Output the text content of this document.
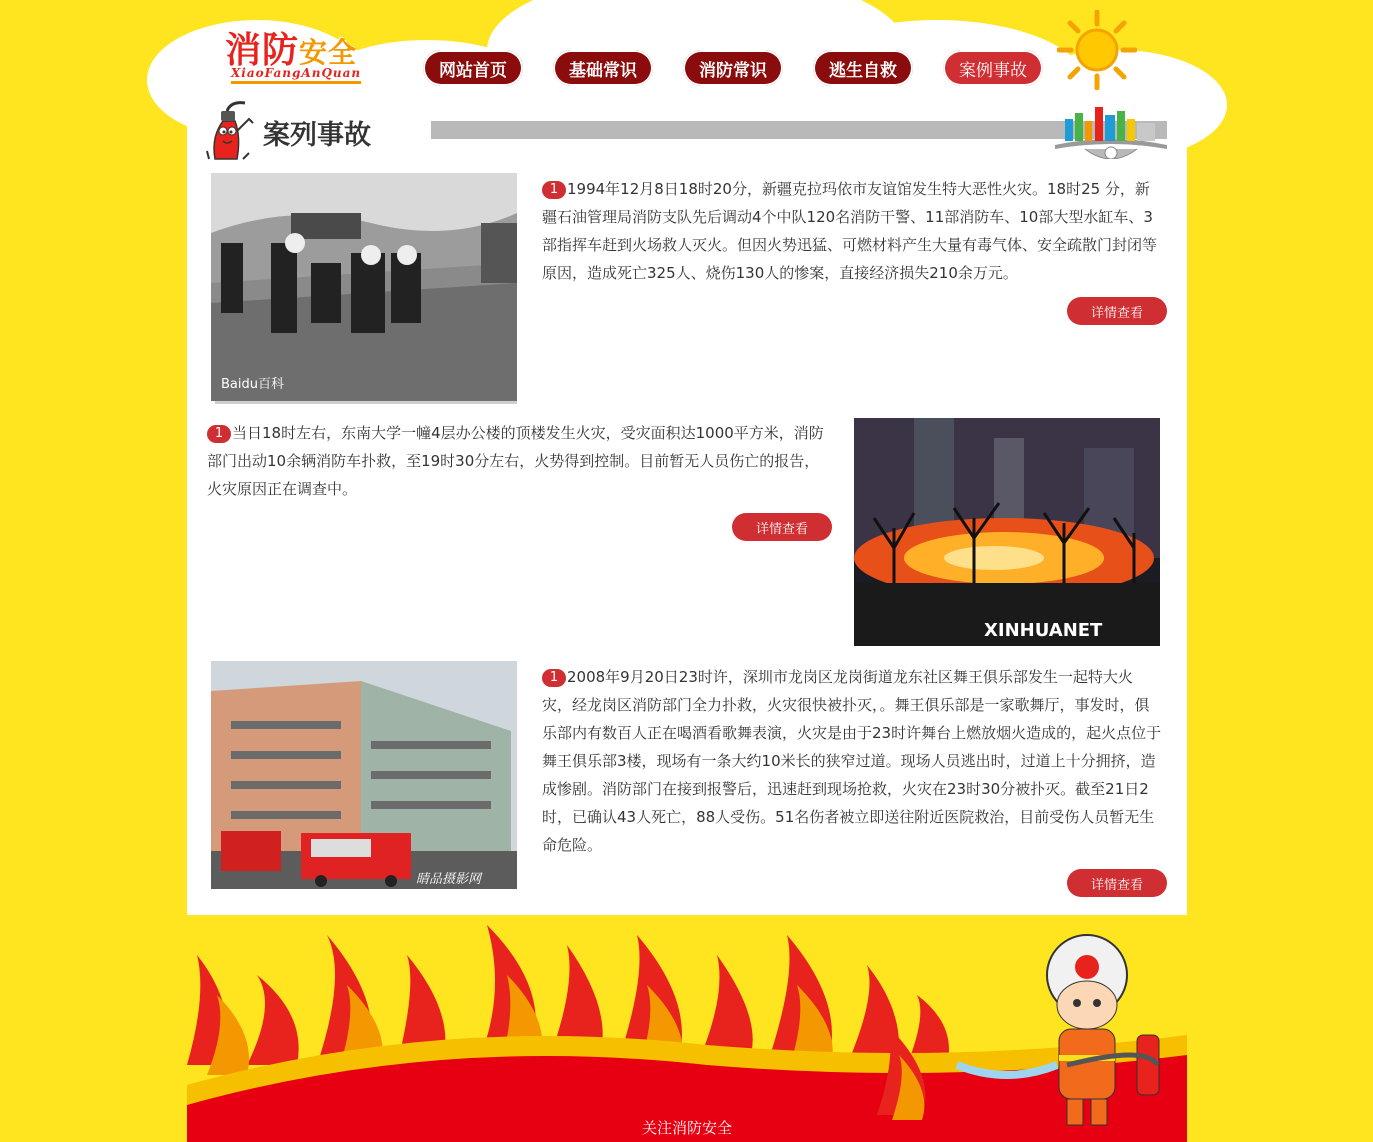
消防安全
XiaoFangAnQuan	网站首页	基础常识	消防常识	逃生自救	案例事故
案列事故
Baidu百科
1 1994年12月8日18时20分，新疆克拉玛依市友谊馆发生特大恶性火灾。18时25 分，新疆石油管理局消防支队先后调动4个中队120名消防干警、11部消防车、10部大型水缸车、3部指挥车赶到火场救人灭火。但因火势迅猛、可燃材料产生大量有毒气体、安全疏散门封闭等原因，造成死亡325人、烧伤130人的惨案，直接经济损失210余万元。
详情查看
1 当日18时左右，东南大学一幢4层办公楼的顶楼发生火灾，受灾面积达1000平方米，消防部门出动10余辆消防车扑救，至19时30分左右，火势得到控制。目前暂无人员伤亡的报告，火灾原因正在调查中。
详情查看
XINHUANET
睛品摄影网
1 2008年9月20日23时许，深圳市龙岗区龙岗街道龙东社区舞王俱乐部发生一起特大火灾，经龙岗区消防部门全力扑救，火灾很快被扑灭，。舞王俱乐部是一家歌舞厅，事发时，俱乐部内有数百人正在喝酒看歌舞表演，火灾是由于23时许舞台上燃放烟火造成的，起火点位于舞王俱乐部3楼，现场有一条大约10米长的狭窄过道。现场人员逃出时，过道上十分拥挤，造成惨剧。消防部门在接到报警后，迅速赶到现场抢救，火灾在23时30分被扑灭。截至21日2时，已确认43人死亡，88人受伤。51名伤者被立即送往附近医院救治，目前受伤人员暂无生命危险。
详情查看
关注消防安全
